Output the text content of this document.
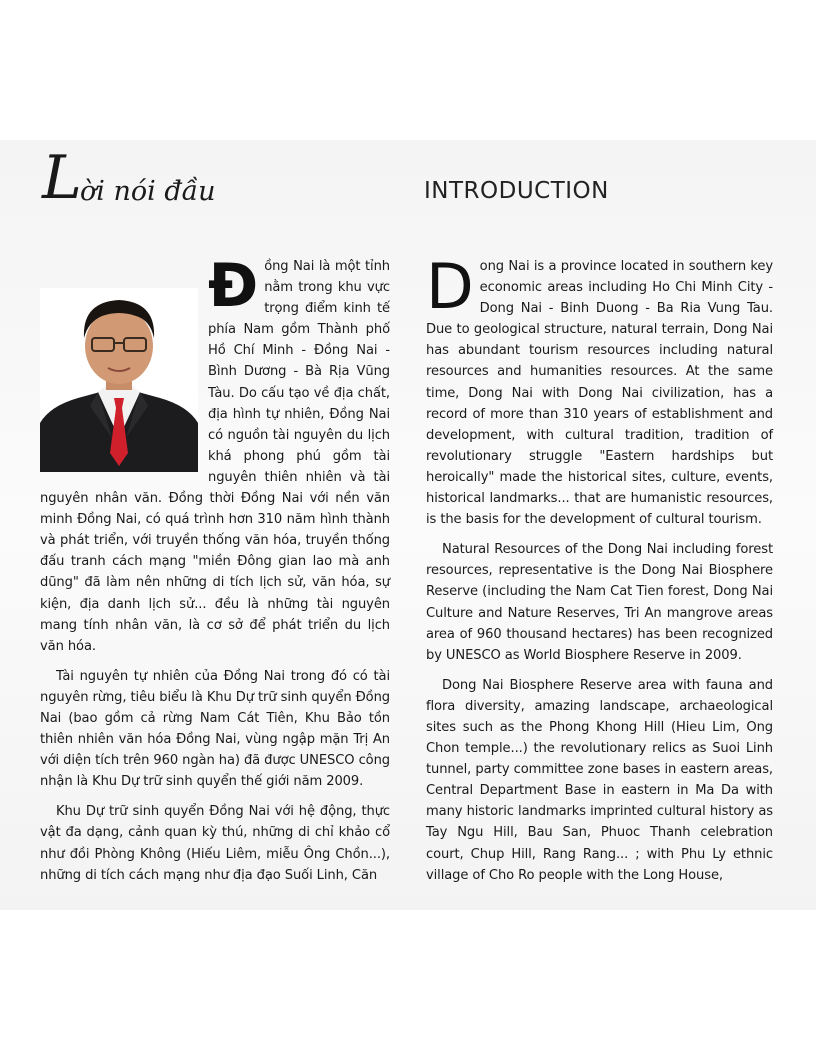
L
ời nói đầu	INTRODUCTION

Đồng Nai là một tỉnh nằm trong khu vực trọng điểm kinh tế phía Nam gồm Thành phố Hồ Chí Minh - Đồng Nai - Bình Dương - Bà Rịa Vũng Tàu. Do cấu tạo về địa chất, địa hình tự nhiên, Đồng Nai có nguồn tài nguyên du lịch khá phong phú gồm tài nguyên thiên nhiên và tài nguyên nhân văn. Đồng thời Đồng Nai với nền văn minh Đồng Nai, có quá trình hơn 310 năm hình thành và phát triển, với truyền thống văn hóa, truyền thống đấu tranh cách mạng "miền Đông gian lao mà anh dũng" đã làm nên những di tích lịch sử, văn hóa, sự kiện, địa danh lịch sử... đều là những tài nguyên mang tính nhân văn, là cơ sở để phát triển du lịch văn hóa.

Tài nguyên tự nhiên của Đồng Nai trong đó có tài nguyên rừng, tiêu biểu là Khu Dự trữ sinh quyển Đồng Nai (bao gồm cả rừng Nam Cát Tiên, Khu Bảo tồn thiên nhiên văn hóa Đồng Nai, vùng ngập mặn Trị An với diện tích trên 960 ngàn ha) đã được UNESCO công nhận là Khu Dự trữ sinh quyển thế giới năm 2009.

Khu Dự trữ sinh quyển Đồng Nai với hệ động, thực vật đa dạng, cảnh quan kỳ thú, những di chỉ khảo cổ như đồi Phòng Không (Hiếu Liêm, miễu Ông Chồn...), những di tích cách mạng như địa đạo Suối Linh, Căn

Dong Nai is a province located in southern key economic areas including Ho Chi Minh City - Dong Nai - Binh Duong - Ba Ria Vung Tau. Due to geological structure, natural terrain, Dong Nai has abundant tourism resources including natural resources and humanities resources. At the same time, Dong Nai with Dong Nai civilization, has a record of more than 310 years of establishment and development, with cultural tradition, tradition of revolutionary struggle "Eastern hardships but heroically" made the historical sites, culture, events, historical landmarks... that are humanistic resources, is the basis for the development of cultural tourism.

Natural Resources of the Dong Nai including forest resources, representative is the Dong Nai Biosphere Reserve (including the Nam Cat Tien forest, Dong Nai Culture and Nature Reserves, Tri An mangrove areas area of 960 thousand hectares) has been recognized by UNESCO as World Biosphere Reserve in 2009.

Dong Nai Biosphere Reserve area with fauna and flora diversity, amazing landscape, archaeological sites such as the Phong Khong Hill (Hieu Lim, Ong Chon temple...) the revolutionary relics as Suoi Linh tunnel, party committee zone bases in eastern areas, Central Department Base in eastern in Ma Da with many historic landmarks imprinted cultural history as Tay Ngu Hill, Bau San, Phuoc Thanh celebration court, Chup Hill, Rang Rang... ; with Phu Ly ethnic village of Cho Ro people with the Long House,
